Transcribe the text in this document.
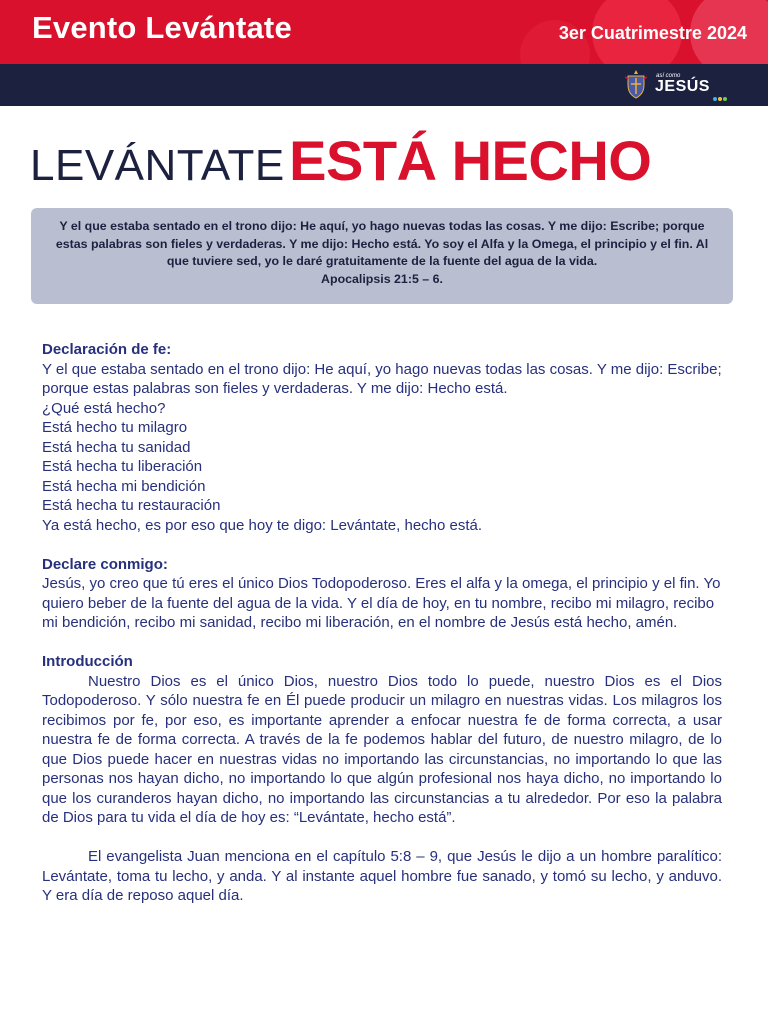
Evento Levántate	3er Cuatrimestre 2024
así como
JESÚS
LEVÁNTATE ESTÁ HECHO
Y el que estaba sentado en el trono dijo: He aquí, yo hago nuevas todas las cosas. Y me dijo: Escribe; porque estas palabras son fieles y verdaderas. Y me dijo: Hecho está. Yo soy el Alfa y la Omega, el principio y el fin. Al que tuviere sed, yo le daré gratuitamente de la fuente del agua de la vida.
Apocalipsis 21:5 – 6.
Declaración de fe:
Y el que estaba sentado en el trono dijo: He aquí, yo hago nuevas todas las cosas. Y me dijo: Escribe; porque estas palabras son fieles y verdaderas. Y me dijo: Hecho está.
¿Qué está hecho?
Está hecho tu milagro
Está hecha tu sanidad
Está hecha tu liberación
Está hecha mi bendición
Está hecha tu restauración
Ya está hecho, es por eso que hoy te digo: Levántate, hecho está.
Declare conmigo:
Jesús, yo creo que tú eres el único Dios Todopoderoso. Eres el alfa y la omega, el principio y el fin. Yo quiero beber de la fuente del agua de la vida. Y el día de hoy, en tu nombre, recibo mi milagro, recibo mi bendición, recibo mi sanidad, recibo mi liberación, en el nombre de Jesús está hecho, amén.
Introducción
Nuestro Dios es el único Dios, nuestro Dios todo lo puede, nuestro Dios es el Dios Todopoderoso. Y sólo nuestra fe en Él puede producir un milagro en nuestras vidas. Los milagros los recibimos por fe, por eso, es importante aprender a enfocar nuestra fe de forma correcta, a usar nuestra fe de forma correcta. A través de la fe podemos hablar del futuro, de nuestro milagro, de lo que Dios puede hacer en nuestras vidas no importando las circunstancias, no importando lo que las personas nos hayan dicho, no importando lo que algún profesional nos haya dicho, no importando lo que los curanderos hayan dicho, no importando las circunstancias a tu alrededor. Por eso la palabra de Dios para tu vida el día de hoy es: “Levántate, hecho está”.
El evangelista Juan menciona en el capítulo 5:8 – 9, que Jesús le dijo a un hombre paralítico: Levántate, toma tu lecho, y anda. Y al instante aquel hombre fue sanado, y tomó su lecho, y anduvo. Y era día de reposo aquel día.
